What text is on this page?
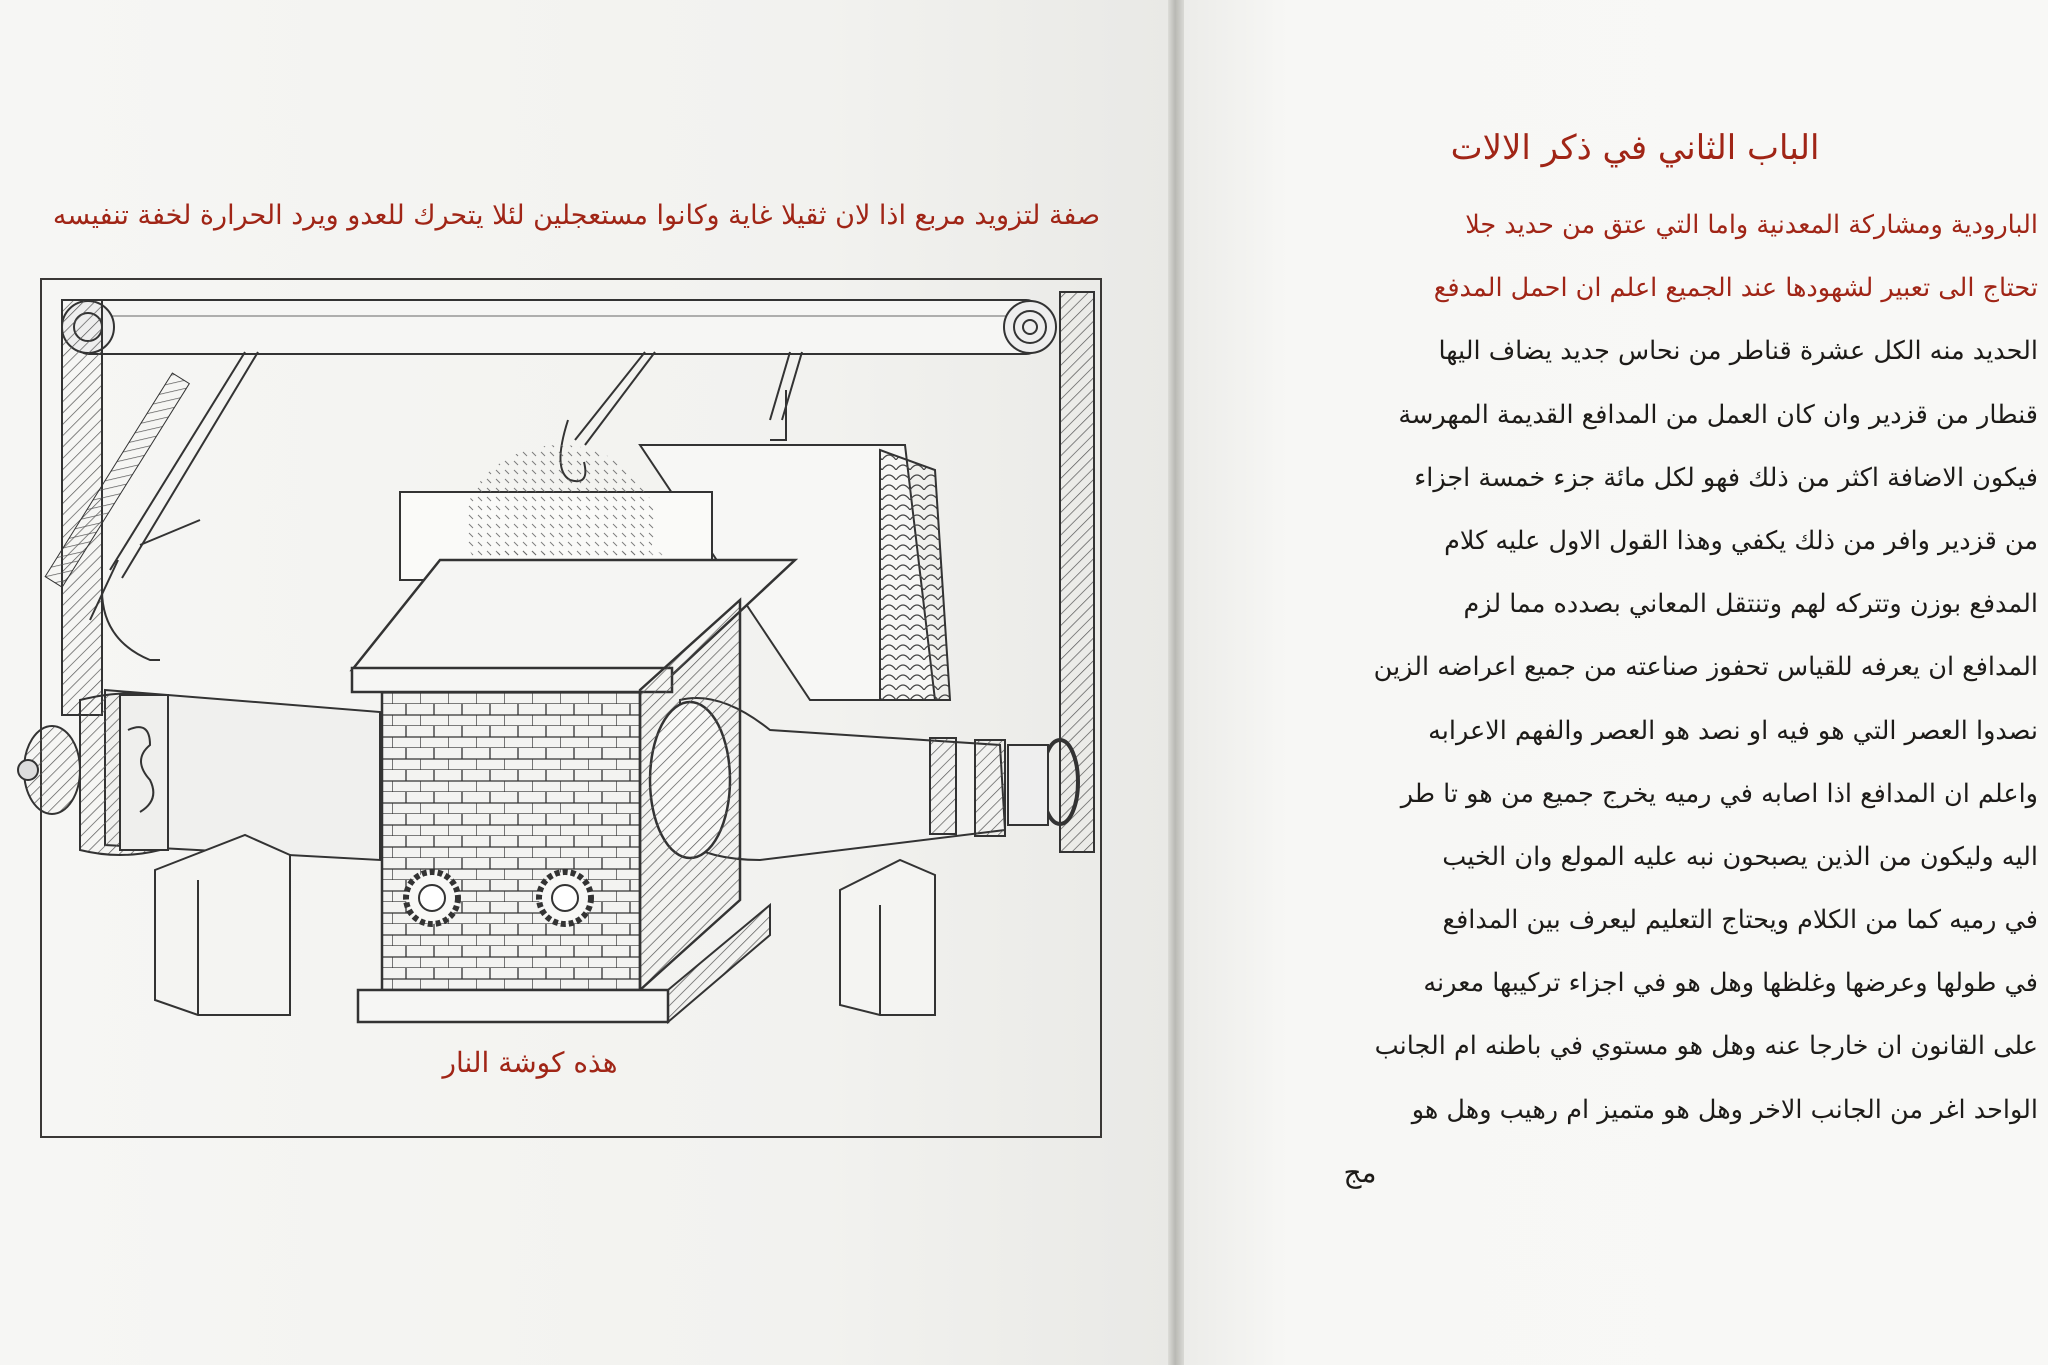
صفة لتزويد مربع اذا لان ثقيلا غاية وكانوا مستعجلين لئلا يتحرك للعدو ويرد الحرارة لخفة تنفيسه
هذه كوشة النار
الباب الثاني في ذكر الالات
البارودية ومشاركة المعدنية واما التي عتق من حديد جلا
تحتاج الى تعبير لشهودها عند الجميع اعلم ان احمل المدفع
الحديد منه الكل عشرة قناطر من نحاس جديد يضاف اليها
قنطار من قزدير وان كان العمل من المدافع القديمة المهرسة
فيكون الاضافة اكثر من ذلك فهو لكل مائة جزء خمسة اجزاء
من قزدير وافر من ذلك يكفي وهذا القول الاول عليه كلام
المدفع بوزن وتتركه لهم وتنتقل المعاني بصدده مما لزم
المدافع ان يعرفه للقياس تحفوز صناعته من جميع اعراضه الزين
نصدوا العصر التي هو فيه او نصد هو العصر والفهم الاعرابه
واعلم ان المدافع اذا اصابه في رميه يخرج جميع من هو تا طر
اليه وليكون من الذين يصبحون نبه عليه المولع وان الخيب
في رميه كما من الكلام ويحتاج التعليم ليعرف بين المدافع
في طولها وعرضها وغلظها وهل هو في اجزاء تركيبها معرنه
على القانون ان خارجا عنه وهل هو مستوي في باطنه ام الجانب
الواحد اغر من الجانب الاخر وهل هو متميز ام رهيب وهل هو
مج
